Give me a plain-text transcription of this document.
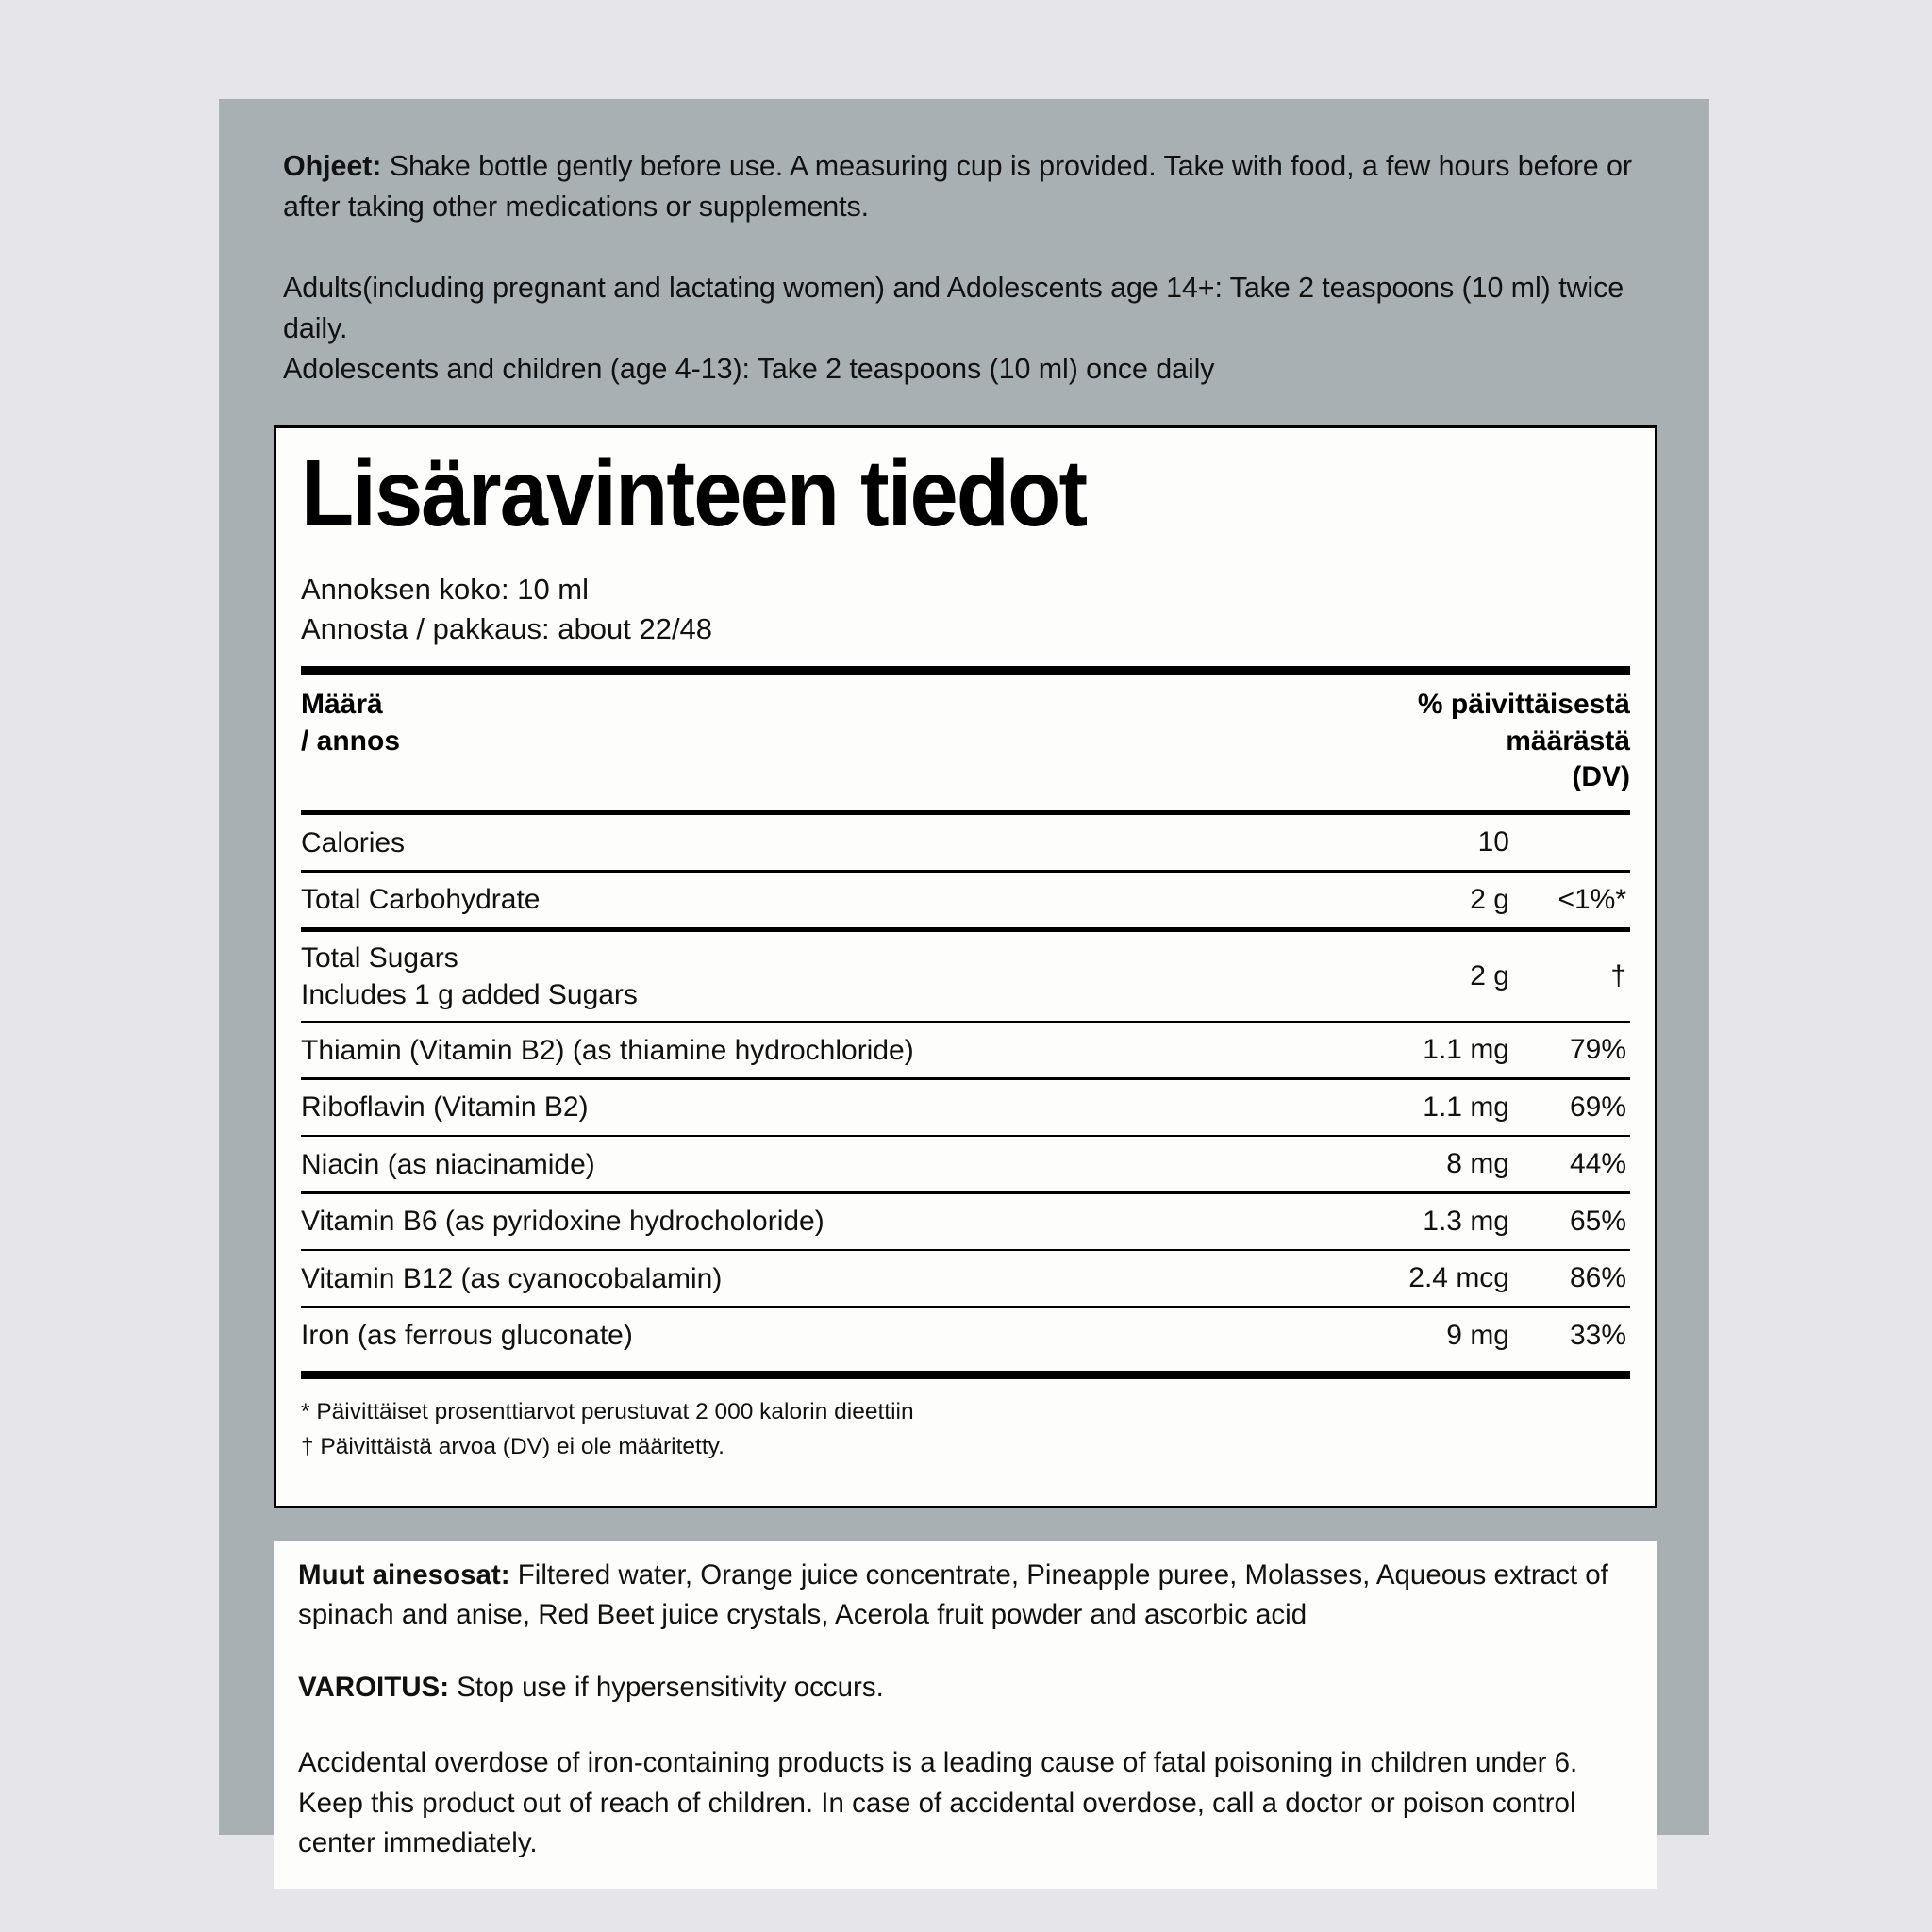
Ohjeet: Shake bottle gently before use. A measuring cup is provided. Take with food, a few hours before or after taking other medications or supplements.

Adults(including pregnant and lactating women) and Adolescents age 14+: Take 2 teaspoons (10 ml) twice daily.

Adolescents and children (age 4-13): Take 2 teaspoons (10 ml) once daily

Lisäravinteen tiedot
Annoksen koko: 10 ml
Annosta / pakkaus: about 22/48
Määrä
/ annos
% päivittäisestä
määrästä
(DV)
Calories	10
Total Carbohydrate	2 g	<1%*
Total Sugars
Includes 1 g added Sugars
2 g	†
Thiamin (Vitamin B2) (as thiamine hydrochloride)	1.1 mg	79%
Riboflavin (Vitamin B2)	1.1 mg	69%
Niacin (as niacinamide)	8 mg	44%
Vitamin B6 (as pyridoxine hydrocholoride)	1.3 mg	65%
Vitamin B12 (as cyanocobalamin)	2.4 mcg	86%
Iron (as ferrous gluconate)	9 mg	33%
* Päivittäiset prosenttiarvot perustuvat 2 000 kalorin dieettiin
† Päivittäistä arvoa (DV) ei ole määritetty.

Muut ainesosat: Filtered water, Orange juice concentrate, Pineapple puree, Molasses, Aqueous extract of spinach and anise, Red Beet juice crystals, Acerola fruit powder and ascorbic acid

VAROITUS: Stop use if hypersensitivity occurs.

Accidental overdose of iron-containing products is a leading cause of fatal poisoning in children under 6. Keep this product out of reach of children. In case of accidental overdose, call a doctor or poison control center immediately.
